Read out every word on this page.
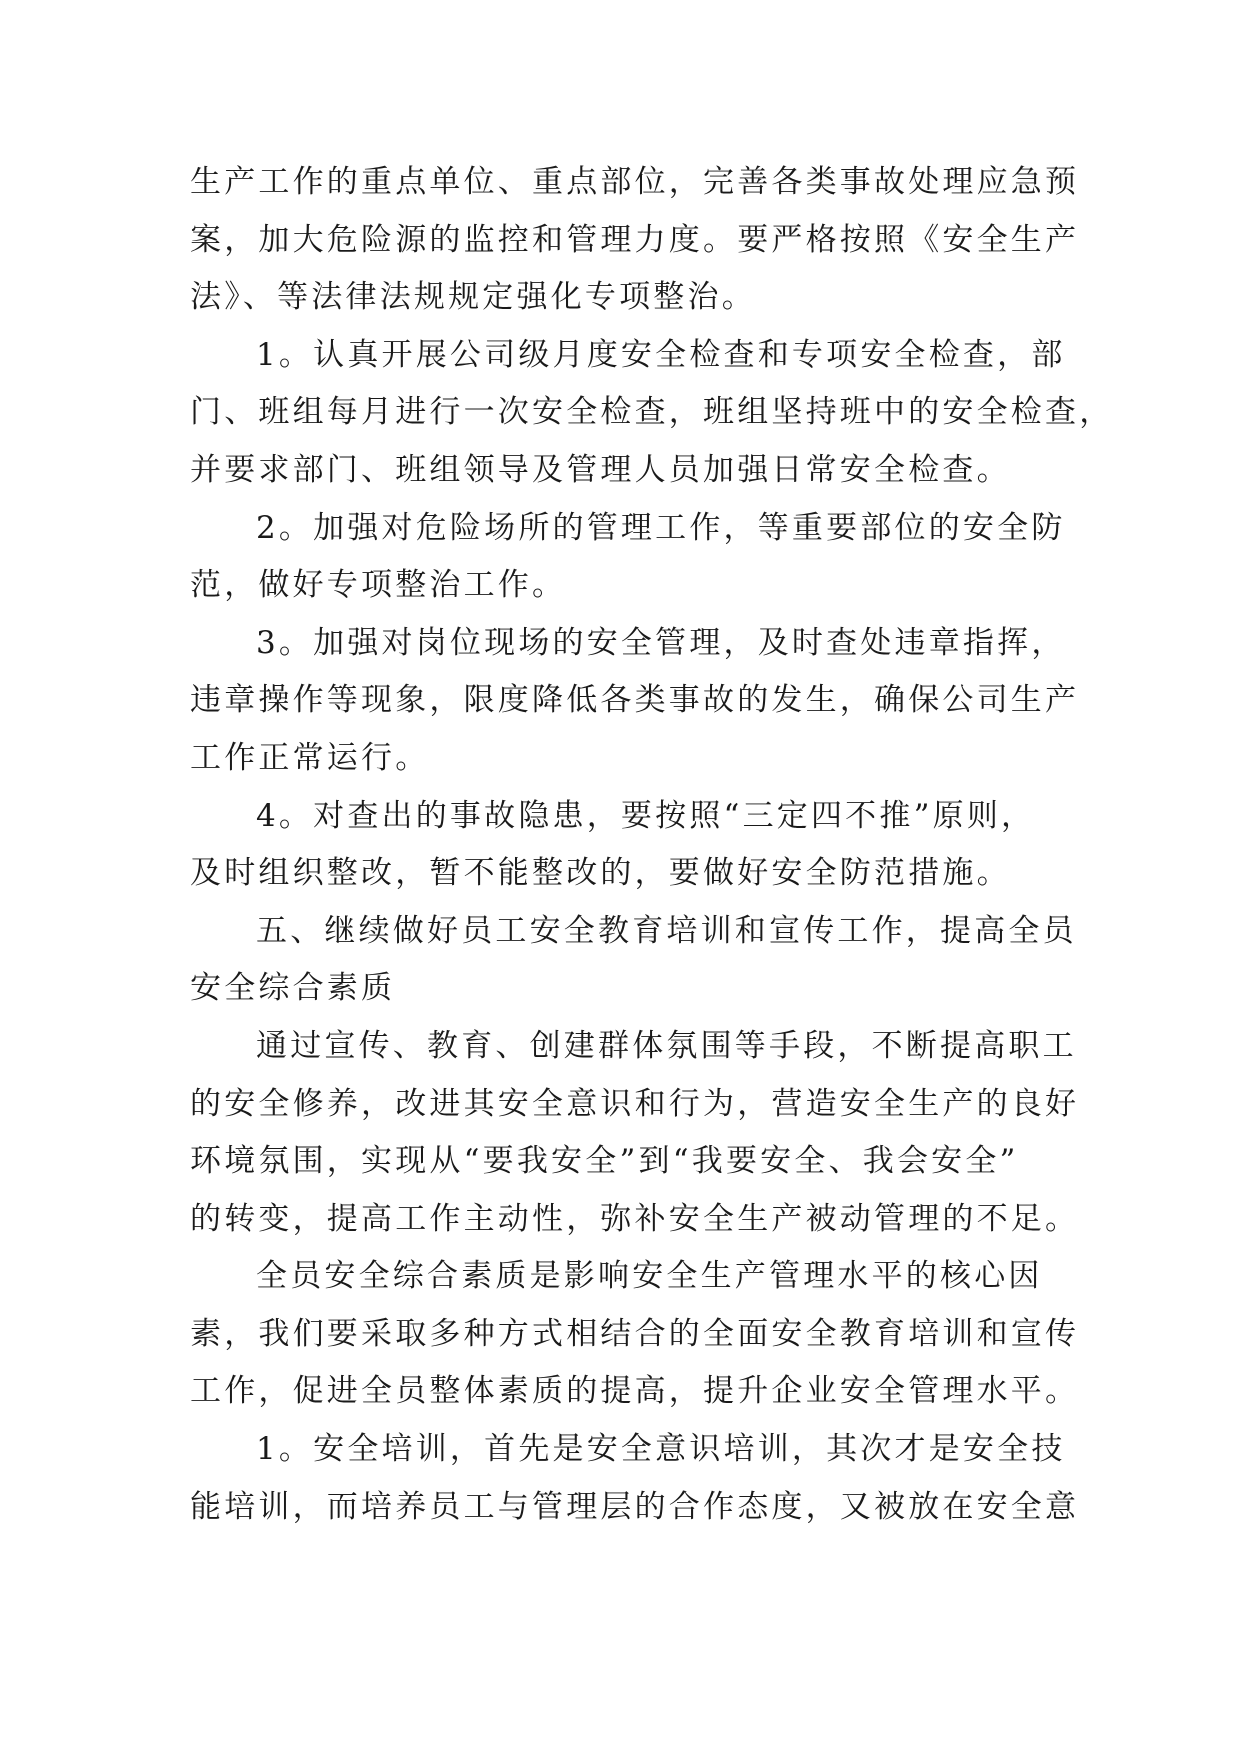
生产工作的重点单位、重点部位，完善各类事故处理应急预
案，加大危险源的监控和管理力度。要严格按照《安全生产
法》、等法律法规规定强化专项整治。
1。认真开展公司级月度安全检查和专项安全检查，部
门、班组每月进行一次安全检查，班组坚持班中的安全检查，
并要求部门、班组领导及管理人员加强日常安全检查。
2。加强对危险场所的管理工作，等重要部位的安全防
范，做好专项整治工作。
3。加强对岗位现场的安全管理，及时查处违章指挥，
违章操作等现象，限度降低各类事故的发生，确保公司生产
工作正常运行。
4。对查出的事故隐患，要按照“三定四不推”原则，
及时组织整改，暂不能整改的，要做好安全防范措施。
五、继续做好员工安全教育培训和宣传工作，提高全员
安全综合素质
通过宣传、教育、创建群体氛围等手段，不断提高职工
的安全修养，改进其安全意识和行为，营造安全生产的良好
环境氛围，实现从“要我安全”到“我要安全、我会安全”
的转变，提高工作主动性，弥补安全生产被动管理的不足。
全员安全综合素质是影响安全生产管理水平的核心因
素，我们要采取多种方式相结合的全面安全教育培训和宣传
工作，促进全员整体素质的提高，提升企业安全管理水平。
1。安全培训，首先是安全意识培训，其次才是安全技
能培训，而培养员工与管理层的合作态度，又被放在安全意
